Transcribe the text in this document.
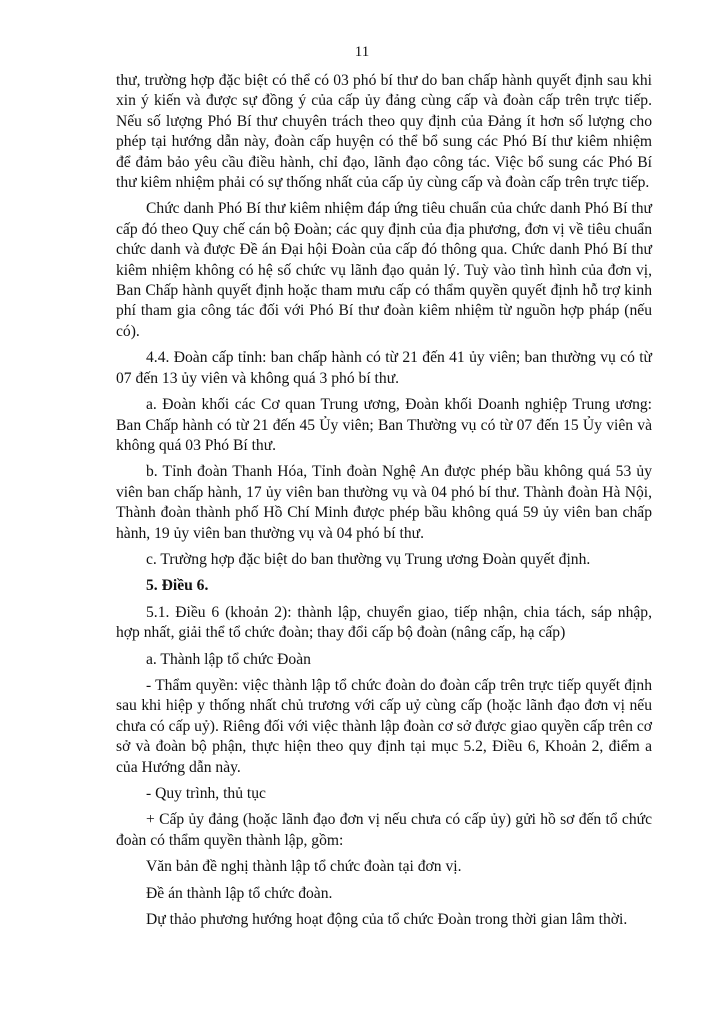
11

thư, trường hợp đặc biệt có thể có 03 phó bí thư do ban chấp hành quyết định sau khi xin ý kiến và được sự đồng ý của cấp ủy đảng cùng cấp và đoàn cấp trên trực tiếp. Nếu số lượng Phó Bí thư chuyên trách theo quy định của Đảng ít hơn số lượng cho phép tại hướng dẫn này, đoàn cấp huyện có thể bổ sung các Phó Bí thư kiêm nhiệm để đảm bảo yêu cầu điều hành, chỉ đạo, lãnh đạo công tác. Việc bổ sung các Phó Bí thư kiêm nhiệm phải có sự thống nhất của cấp ủy cùng cấp và đoàn cấp trên trực tiếp.

Chức danh Phó Bí thư kiêm nhiệm đáp ứng tiêu chuẩn của chức danh Phó Bí thư cấp đó theo Quy chế cán bộ Đoàn; các quy định của địa phương, đơn vị về tiêu chuẩn chức danh và được Đề án Đại hội Đoàn của cấp đó thông qua. Chức danh Phó Bí thư kiêm nhiệm không có hệ số chức vụ lãnh đạo quản lý. Tuỳ vào tình hình của đơn vị, Ban Chấp hành quyết định hoặc tham mưu cấp có thẩm quyền quyết định hỗ trợ kinh phí tham gia công tác đối với Phó Bí thư đoàn kiêm nhiệm từ nguồn hợp pháp (nếu có).

4.4. Đoàn cấp tỉnh: ban chấp hành có từ 21 đến 41 ủy viên; ban thường vụ có từ 07 đến 13 ủy viên và không quá 3 phó bí thư.

a. Đoàn khối các Cơ quan Trung ương, Đoàn khối Doanh nghiệp Trung ương: Ban Chấp hành có từ 21 đến 45 Ủy viên; Ban Thường vụ có từ 07 đến 15 Ủy viên và không quá 03 Phó Bí thư.

b. Tỉnh đoàn Thanh Hóa, Tỉnh đoàn Nghệ An được phép bầu không quá 53 ủy viên ban chấp hành, 17 ủy viên ban thường vụ và 04 phó bí thư. Thành đoàn Hà Nội, Thành đoàn thành phố Hồ Chí Minh được phép bầu không quá 59 ủy viên ban chấp hành, 19 ủy viên ban thường vụ và 04 phó bí thư.

c. Trường hợp đặc biệt do ban thường vụ Trung ương Đoàn quyết định.

5. Điều 6.

5.1. Điều 6 (khoản 2): thành lập, chuyển giao, tiếp nhận, chia tách, sáp nhập, hợp nhất, giải thể tổ chức đoàn; thay đổi cấp bộ đoàn (nâng cấp, hạ cấp)

a. Thành lập tổ chức Đoàn

- Thẩm quyền: việc thành lập tổ chức đoàn do đoàn cấp trên trực tiếp quyết định sau khi hiệp y thống nhất chủ trương với cấp uỷ cùng cấp (hoặc lãnh đạo đơn vị nếu chưa có cấp uỷ). Riêng đối với việc thành lập đoàn cơ sở được giao quyền cấp trên cơ sở và đoàn bộ phận, thực hiện theo quy định tại mục 5.2, Điều 6, Khoản 2, điểm a của Hướng dẫn này.

- Quy trình, thủ tục

+ Cấp ủy đảng (hoặc lãnh đạo đơn vị nếu chưa có cấp ủy) gửi hồ sơ đến tổ chức đoàn có thẩm quyền thành lập, gồm:

Văn bản đề nghị thành lập tổ chức đoàn tại đơn vị.

Đề án thành lập tổ chức đoàn.

Dự thảo phương hướng hoạt động của tổ chức Đoàn trong thời gian lâm thời.
